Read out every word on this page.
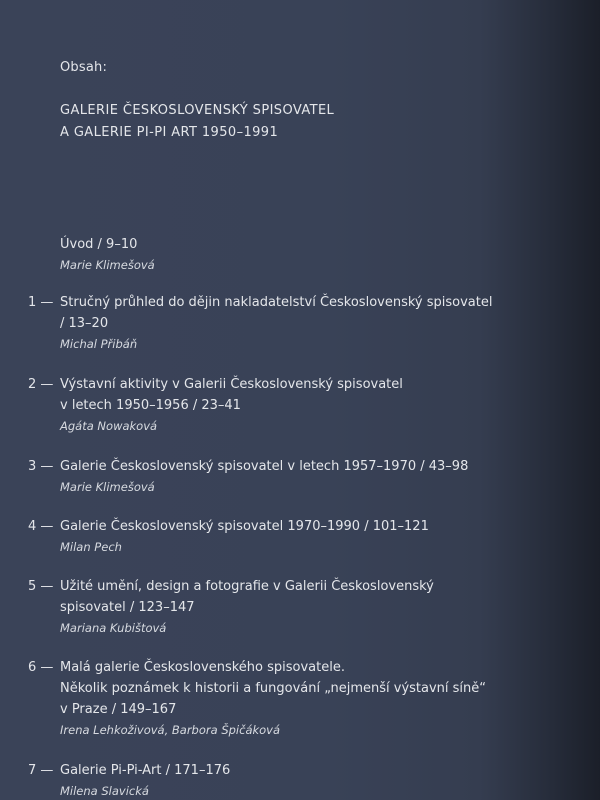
Obsah:
GALERIE ČESKOSLOVENSKÝ SPISOVATEL
A GALERIE PI-PI ART 1950–1991
Úvod / 9–10
Marie Klimešová
1 — Stručný průhled do dějin nakladatelství Československý spisovatel
/ 13–20
Michal Přibáň
2 — Výstavní aktivity v Galerii Československý spisovatel
v letech 1950–1956 / 23–41
Agáta Nowaková
3 — Galerie Československý spisovatel v letech 1957–1970 / 43–98
Marie Klimešová
4 — Galerie Československý spisovatel 1970–1990 / 101–121
Milan Pech
5 — Užité umění, design a fotografie v Galerii Československý
spisovatel / 123–147
Mariana Kubištová
6 — Malá galerie Československého spisovatele.
Několik poznámek k historii a fungování „nejmenší výstavní síně“
v Praze / 149–167
Irena Lehkoživová, Barbora Špičáková
7 — Galerie Pi-Pi-Art / 171–176
Milena Slavická
